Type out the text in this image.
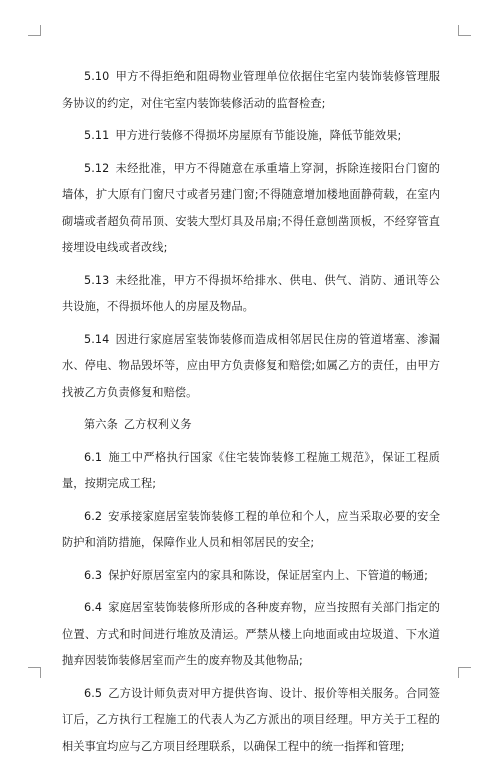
5.10 甲方不得拒绝和阻碍物业管理单位依据住宅室内装饰装修管理服务协议的约定，对住宅室内装饰装修活动的监督检查;

5.11 甲方进行装修不得损坏房屋原有节能设施，降低节能效果;

5.12 未经批准，甲方不得随意在承重墙上穿洞，拆除连接阳台门窗的墙体，扩大原有门窗尺寸或者另建门窗;不得随意增加楼地面静荷载，在室内砌墙或者超负荷吊顶、安装大型灯具及吊扇;不得任意刨凿顶板，不经穿管直接埋设电线或者改线;

5.13 未经批准，甲方不得损坏给排水、供电、供气、消防、通讯等公共设施，不得损坏他人的房屋及物品。

5.14 因进行家庭居室装饰装修而造成相邻居民住房的管道堵塞、渗漏水、停电、物品毁坏等，应由甲方负责修复和赔偿;如属乙方的责任，由甲方找被乙方负责修复和赔偿。

第六条 乙方权利义务

6.1 施工中严格执行国家《住宅装饰装修工程施工规范》，保证工程质量，按期完成工程;

6.2 安承接家庭居室装饰装修工程的单位和个人，应当采取必要的安全防护和消防措施，保障作业人员和相邻居民的安全;

6.3 保护好原居室室内的家具和陈设，保证居室内上、下管道的畅通;

6.4 家庭居室装饰装修所形成的各种废弃物，应当按照有关部门指定的位置、方式和时间进行堆放及清运。严禁从楼上向地面或由垃圾道、下水道抛弃因装饰装修居室而产生的废弃物及其他物品;

6.5 乙方设计师负责对甲方提供咨询、设计、报价等相关服务。合同签订后，乙方执行工程施工的代表人为乙方派出的项目经理。甲方关于工程的相关事宜均应与乙方项目经理联系，以确保工程中的统一指挥和管理;
